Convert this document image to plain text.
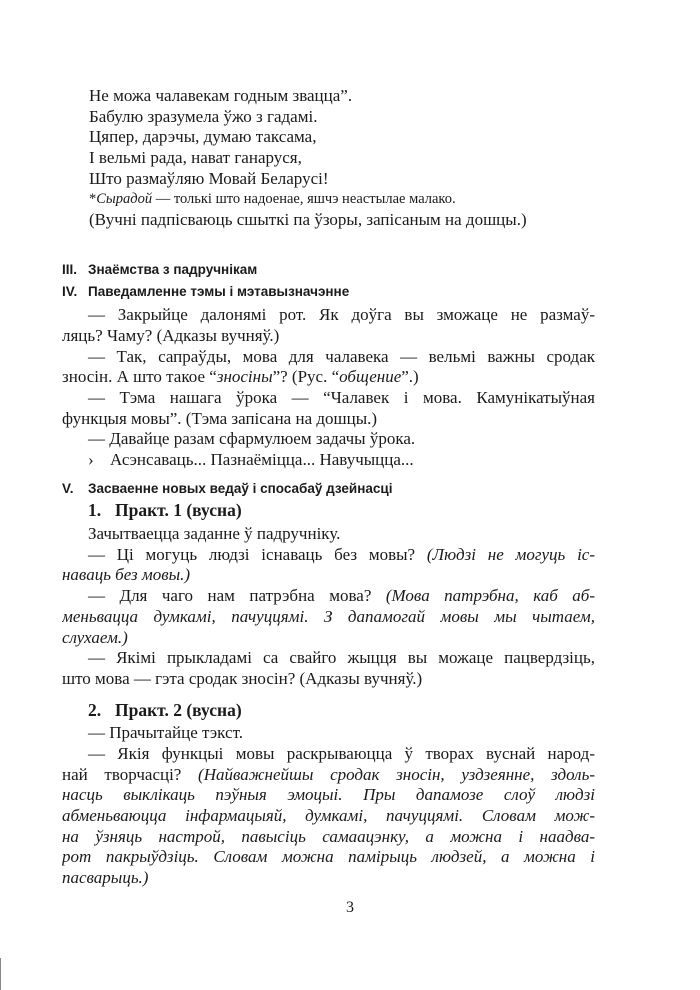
Не можа чалавекам годным звацца”.
Бабулю зразумела ўжо з гадамі.
Цяпер, дарэчы, думаю таксама,
І вельмі рада, нават ганаруся,
Што размаўляю Мовай Беларусі!
*Сырадой — толькі што надоенае, яшчэ неастылае малако.
(Вучні падпісваюць сшыткі па ўзоры, запісаным на дошцы.)
III. Знаёмства з падручнікам
IV. Паведамленне тэмы і мэтавызначэнне
— Закрыйце далонямі рот. Як доўга вы зможаце не размаў-
ляць? Чаму? (Адказы вучняў.)
— Так, сапраўды, мова для чалавека — вельмі важны сродак
зносін. А што такое “зносіны”? (Рус. “общение”.)
— Тэма нашага ўрока — “Чалавек і мова. Камунікатыўная
функцыя мовы”. (Тэма запісана на дошцы.)
— Давайце разам сфармулюем задачы ўрока.
› Асэнсаваць... Пазнаёміцца... Навучыцца...
V. Засваенне новых ведаў і спосабаў дзейнасці
1. Практ. 1 (вусна)
Зачытваецца заданне ў падручніку.
— Ці могуць людзі існаваць без мовы? (Людзі не могуць іс-
наваць без мовы.)
— Для чаго нам патрэбна мова? (Мова патрэбна, каб аб-
меньвацца думкамі, пачуццямі. З дапамогай мовы мы чытаем,
слухаем.)
— Якімі прыкладамі са свайго жыцця вы можаце пацвердзіць,
што мова — гэта сродак зносін? (Адказы вучняў.)
2. Практ. 2 (вусна)
— Прачытайце тэкст.
— Якія функцыі мовы раскрываюцца ў творах вуснай народ-
най творчасці? (Найважнейшы сродак зносін, уздзеянне, здоль-
насць выклікаць пэўныя эмоцыі. Пры дапамозе слоў людзі
абменьваюцца інфармацыяй, думкамі, пачуццямі. Словам мож-
на ўзняць настрой, павысіць самаацэнку, а можна і наадва-
рот пакрыўдзіць. Словам можна памірыць людзей, а можна і
пасварыць.)
3
